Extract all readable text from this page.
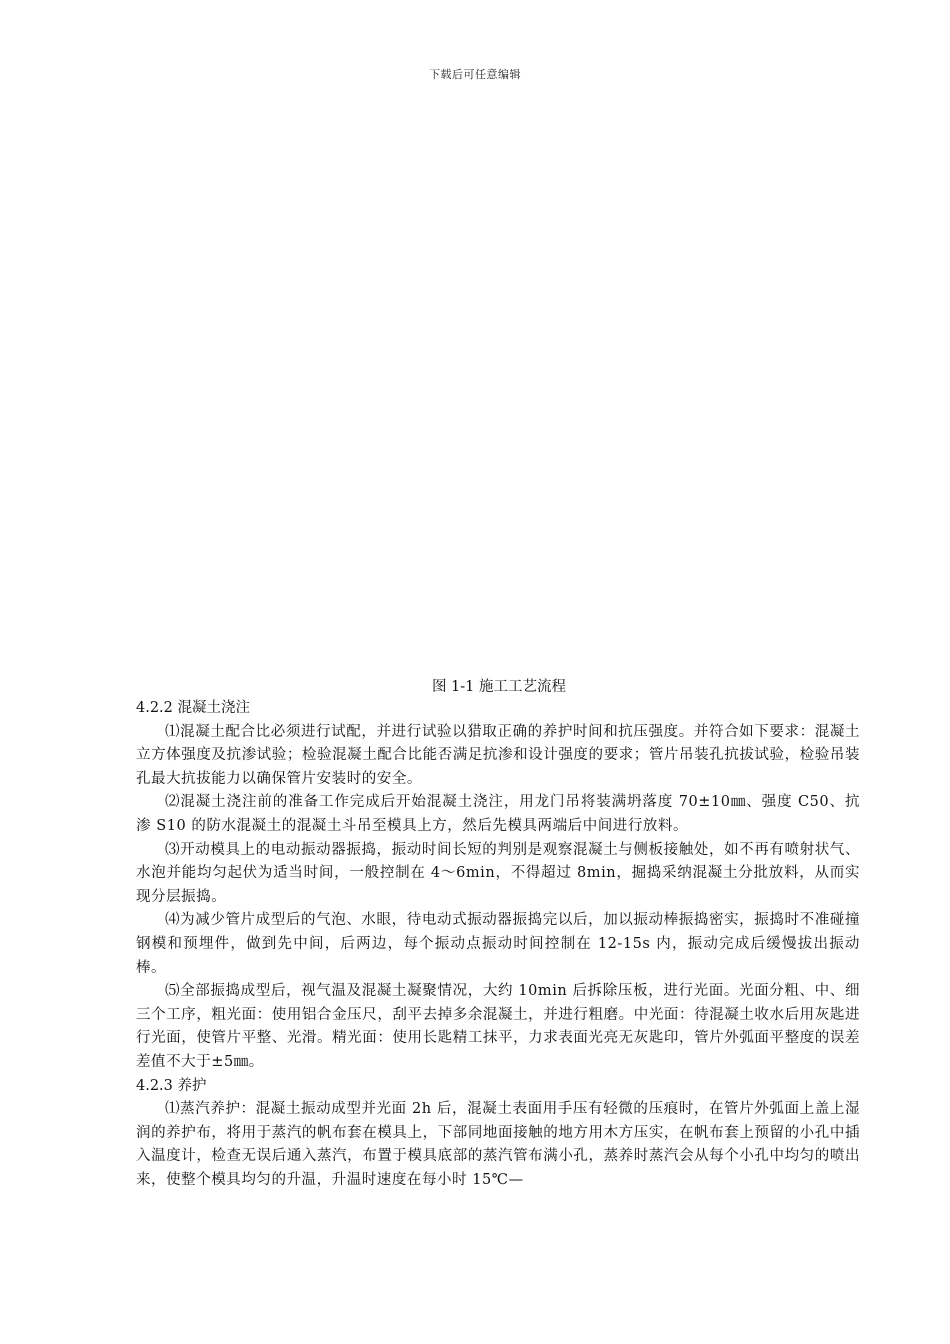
下载后可任意编辑
图 1-1 施工工艺流程

4.2.2 混凝土浇注

⑴混凝土配合比必须进行试配，并进行试验以猎取正确的养护时间和抗压强度。并符合如下要求：混凝土立方体强度及抗渗试验；检验混凝土配合比能否满足抗渗和设计强度的要求；管片吊装孔抗拔试验，检验吊装孔最大抗拔能力以确保管片安装时的安全。

⑵混凝土浇注前的准备工作完成后开始混凝土浇注，用龙门吊将装满坍落度 70±10㎜、强度 C50、抗渗 S10 的防水混凝土的混凝土斗吊至模具上方，然后先模具两端后中间进行放料。

⑶开动模具上的电动振动器振捣，振动时间长短的判别是观察混凝土与侧板接触处，如不再有喷射状气、水泡并能均匀起伏为适当时间，一般控制在 4～6min，不得超过 8min，掘捣采纳混凝土分批放料，从而实现分层振捣。

⑷为减少管片成型后的气泡、水眼，待电动式振动器振捣完以后，加以振动棒振捣密实，振捣时不准碰撞钢模和预埋件，做到先中间，后两边，每个振动点振动时间控制在 12-15s 内，振动完成后缓慢拔出振动棒。

⑸全部振捣成型后，视气温及混凝土凝聚情况，大约 10min 后拆除压板，进行光面。光面分粗、中、细三个工序，粗光面：使用铝合金压尺，刮平去掉多余混凝土，并进行粗磨。中光面：待混凝土收水后用灰匙进行光面，使管片平整、光滑。精光面：使用长匙精工抹平，力求表面光亮无灰匙印，管片外弧面平整度的误差差值不大于±5㎜。

4.2.3 养护

⑴蒸汽养护：混凝土振动成型并光面 2h 后，混凝土表面用手压有轻微的压痕时，在管片外弧面上盖上湿润的养护布，将用于蒸汽的帆布套在模具上，下部同地面接触的地方用木方压实，在帆布套上预留的小孔中插入温度计，检查无误后通入蒸汽，布置于模具底部的蒸汽管布满小孔，蒸养时蒸汽会从每个小孔中均匀的喷出来，使整个模具均匀的升温，升温时速度在每小时 15℃—
